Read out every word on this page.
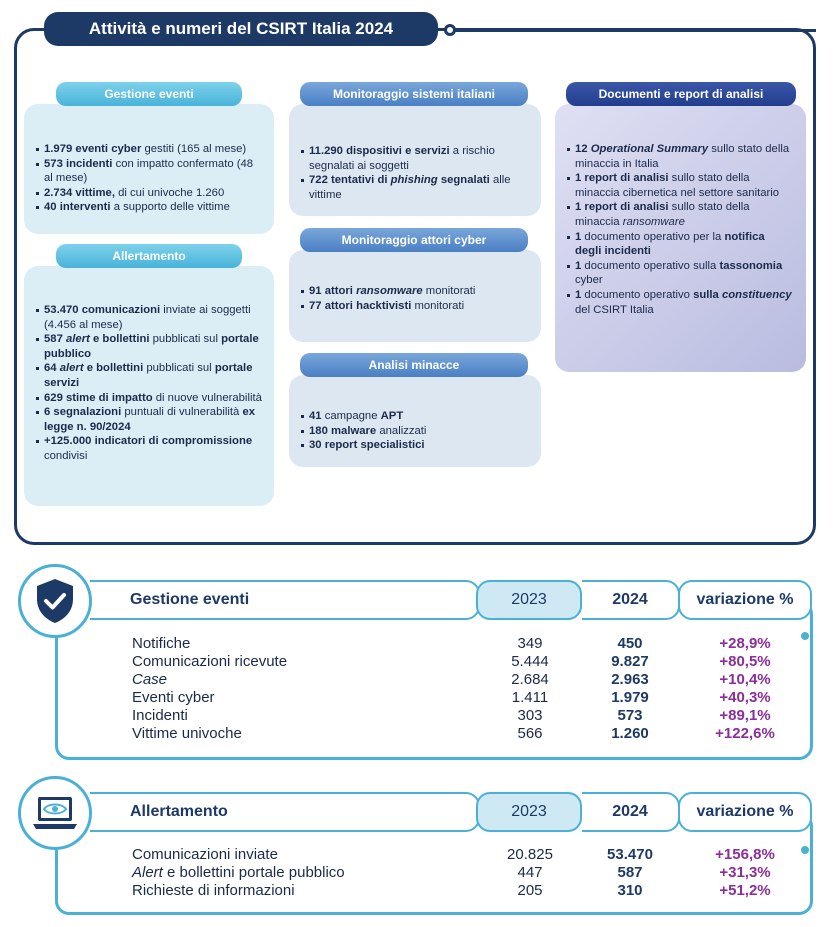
Attività e numeri del CSIRT Italia 2024
Gestione eventi
1.979 eventi cyber gestiti (165 al mese)
573 incidenti con impatto confermato (48 al mese)
2.734 vittime, di cui univoche 1.260
40 interventi a supporto delle vittime
Allertamento
53.470 comunicazioni inviate ai soggetti (4.456 al mese)
587 alert e bollettini pubblicati sul portale pubblico
64 alert e bollettini pubblicati sul portale servizi
629 stime di impatto di nuove vulnerabilità
6 segnalazioni puntuali di vulnerabilità ex legge n. 90/2024
+125.000 indicatori di compromissione condivisi
Monitoraggio sistemi italiani
11.290 dispositivi e servizi a rischio segnalati ai soggetti
722 tentativi di phishing segnalati alle vittime
Monitoraggio attori cyber
91 attori ransomware monitorati
77 attori hacktivisti monitorati
Analisi minacce
41 campagne APT
180 malware analizzati
30 report specialistici
Documenti e report di analisi
12 Operational Summary sullo stato della minaccia in Italia
1 report di analisi sullo stato della minaccia cibernetica nel settore sanitario
1 report di analisi sullo stato della minaccia ransomware
1 documento operativo per la notifica degli incidenti
1 documento operativo sulla tassonomia cyber
1 documento operativo sulla constituency del CSIRT Italia
Gestione eventi	2023	2024	variazione %
Notifiche	349	450	+28,9%
Comunicazioni ricevute	5.444	9.827	+80,5%
Case	2.684	2.963	+10,4%
Eventi cyber	1.411	1.979	+40,3%
Incidenti	303	573	+89,1%
Vittime univoche	566	1.260	+122,6%
Allertamento	2023	2024	variazione %
Comunicazioni inviate	20.825	53.470	+156,8%
Alert e bollettini portale pubblico	447	587	+31,3%
Richieste di informazioni	205	310	+51,2%
